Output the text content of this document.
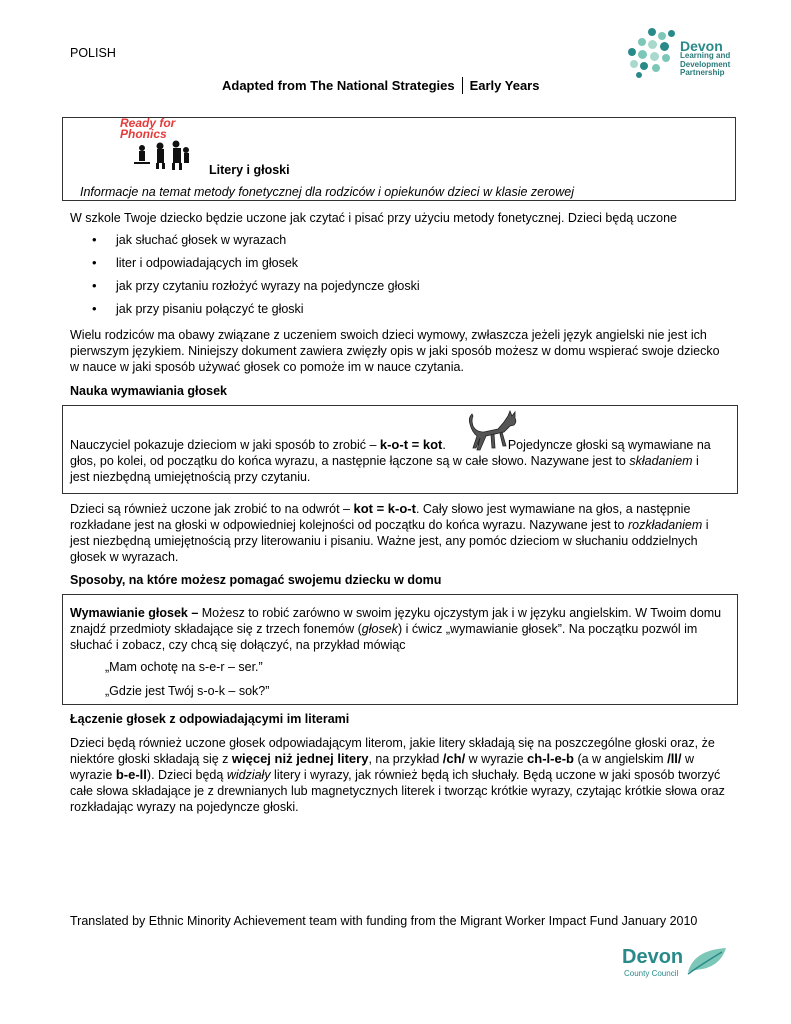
POLISH	Devon
Learning and
Development
Partnership
Adapted from The National Strategies Early Years
Ready for
Phonics
Litery i głoski
Informacje na temat metody fonetycznej dla rodziców i opiekunów dzieci w klasie zerowej
W szkole Twoje dziecko będzie uczone jak czytać i pisać przy użyciu metody fonetycznej. Dzieci będą uczone
• jak słuchać głosek w wyrazach
• liter i odpowiadających im głosek
• jak przy czytaniu rozłożyć wyrazy na pojedyncze głoski
• jak przy pisaniu połączyć te głoski
Wielu rodziców ma obawy związane z uczeniem swoich dzieci wymowy, zwłaszcza jeżeli język angielski nie jest ich pierwszym językiem. Niniejszy dokument zawiera zwięzły opis w jaki sposób możesz w domu wspierać swoje dziecko w nauce w jaki sposób używać głosek co pomoże im w nauce czytania.
Nauka wymawiania głosek
Nauczyciel pokazuje dzieciom w jaki sposób to zrobić – k-o-t = kot.	Pojedyncze głoski są wymawiane na
głos, po kolei, od początku do końca wyrazu, a następnie łączone są w całe słowo. Nazywane jest to składaniem i
jest niezbędną umiejętnością przy czytaniu.
Dzieci są również uczone jak zrobić to na odwrót – kot = k-o-t. Cały słowo jest wymawiane na głos, a następnie rozkładane jest na głoski w odpowiedniej kolejności od początku do końca wyrazu. Nazywane jest to rozkładaniem i jest niezbędną umiejętnością przy literowaniu i pisaniu. Ważne jest, any pomóc dzieciom w słuchaniu oddzielnych głosek w wyrazach.
Sposoby, na które możesz pomagać swojemu dziecku w domu
Wymawianie głosek – Możesz to robić zarówno w swoim języku ojczystym jak i w języku angielskim. W Twoim domu znajdź przedmioty składające się z trzech fonemów (głosek) i ćwicz „wymawianie głosek”. Na początku pozwól im słuchać i zobacz, czy chcą się dołączyć, na przykład mówiąc
„Mam ochotę na s-e-r – ser.”
„Gdzie jest Twój s-o-k – sok?”
Łączenie głosek z odpowiadającymi im literami
Dzieci będą również uczone głosek odpowiadającym literom, jakie litery składają się na poszczególne głoski oraz, że niektóre głoski składają się z więcej niż jednej litery, na przykład /ch/ w wyrazie ch-l-e-b (a w angielskim /ll/ w wyrazie b-e-ll). Dzieci będą widziały litery i wyrazy, jak również będą ich słuchały. Będą uczone w jaki sposób tworzyć całe słowa składające je z drewnianych lub magnetycznych literek i tworząc krótkie wyrazy, czytając krótkie słowa oraz rozkładając wyrazy na pojedyncze głoski.
Translated by Ethnic Minority Achievement team with funding from the Migrant Worker Impact Fund January 2010
Devon
County Council
